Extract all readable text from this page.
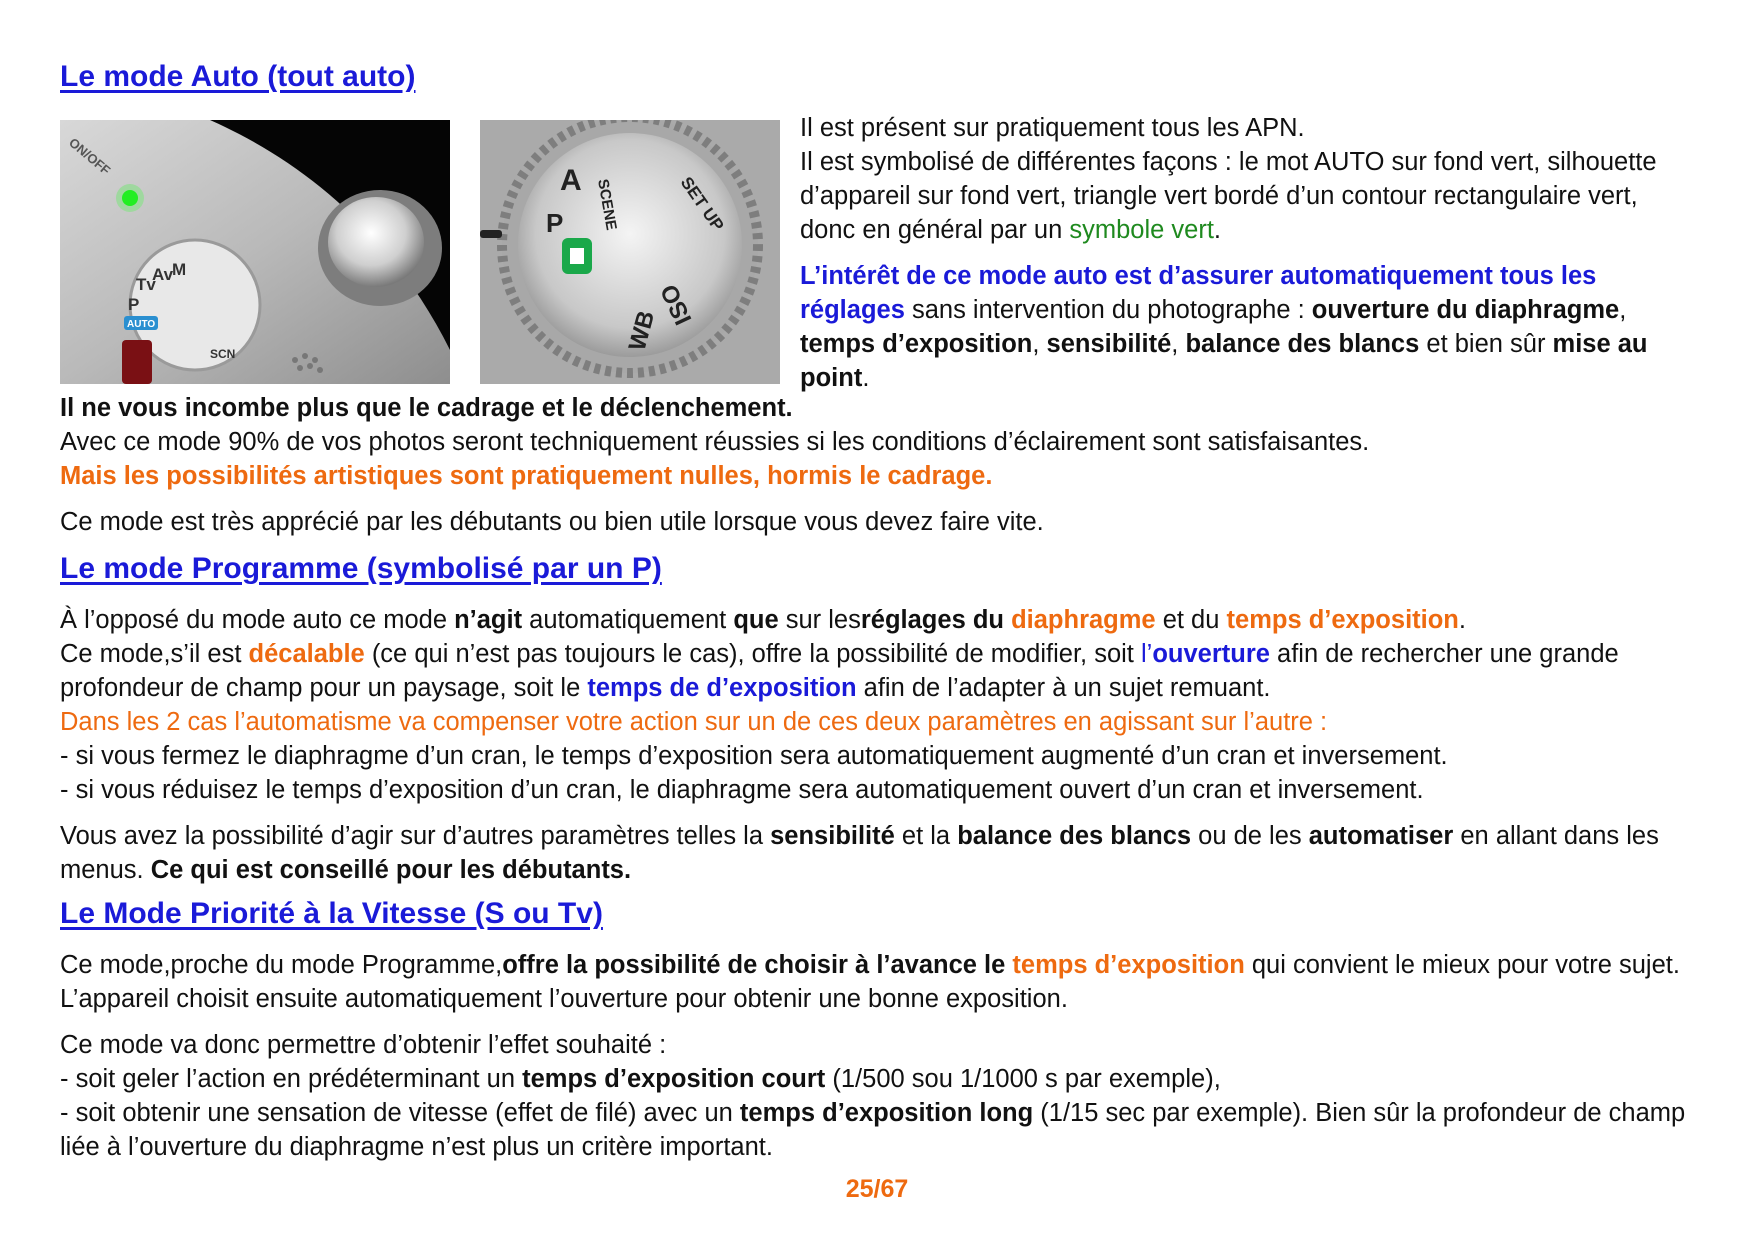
Le mode Auto (tout auto)
ON/OFF
M
Av
Tv
P
SCN
AUTO
A
P SCENE	SET UP
WB
ISO

Il est présent sur pratiquement tous les APN.

Il est symbolisé de différentes façons : le mot AUTO sur fond vert, silhouette d’appareil sur fond vert, triangle vert bordé d’un contour rectangulaire vert, donc en général par un symbole vert.

L’intérêt de ce mode auto est d’assurer automatiquement tous les réglages sans intervention du photographe : ouverture du diaphragme, temps d’exposition, sensibilité, balance des blancs et bien sûr mise au point.

Il ne vous incombe plus que le cadrage et le déclenchement.

Avec ce mode 90% de vos photos seront techniquement réussies si les conditions d’éclairement sont satisfaisantes.

Mais les possibilités artistiques sont pratiquement nulles, hormis le cadrage.

Ce mode est très apprécié par les débutants ou bien utile lorsque vous devez faire vite.

Le mode Programme (symbolisé par un P)

À l’opposé du mode auto ce mode n’agit automatiquement que sur lesréglages du diaphragme et du temps d’exposition.

Ce mode,s’il est décalable (ce qui n’est pas toujours le cas), offre la possibilité de modifier, soit l’ouverture afin de rechercher une grande profondeur de champ pour un paysage, soit le temps de d’exposition afin de l’adapter à un sujet remuant.

Dans les 2 cas l’automatisme va compenser votre action sur un de ces deux paramètres en agissant sur l’autre :

- si vous fermez le diaphragme d’un cran, le temps d’exposition sera automatiquement augmenté d’un cran et inversement.

- si vous réduisez le temps d’exposition d’un cran, le diaphragme sera automatiquement ouvert d’un cran et inversement.

Vous avez la possibilité d’agir sur d’autres paramètres telles la sensibilité et la balance des blancs ou de les automatiser en allant dans les menus. Ce qui est conseillé pour les débutants.

Le Mode Priorité à la Vitesse (S ou Tv)

Ce mode,proche du mode Programme,offre la possibilité de choisir à l’avance le temps d’exposition qui convient le mieux pour votre sujet. L’appareil choisit ensuite automatiquement l’ouverture pour obtenir une bonne exposition.

Ce mode va donc permettre d’obtenir l’effet souhaité :

- soit geler l’action en prédéterminant un temps d’exposition court (1/500 sou 1/1000 s par exemple),

- soit obtenir une sensation de vitesse (effet de filé) avec un temps d’exposition long (1/15 sec par exemple). Bien sûr la profondeur de champ liée à l’ouverture du diaphragme n’est plus un critère important.

25/67
